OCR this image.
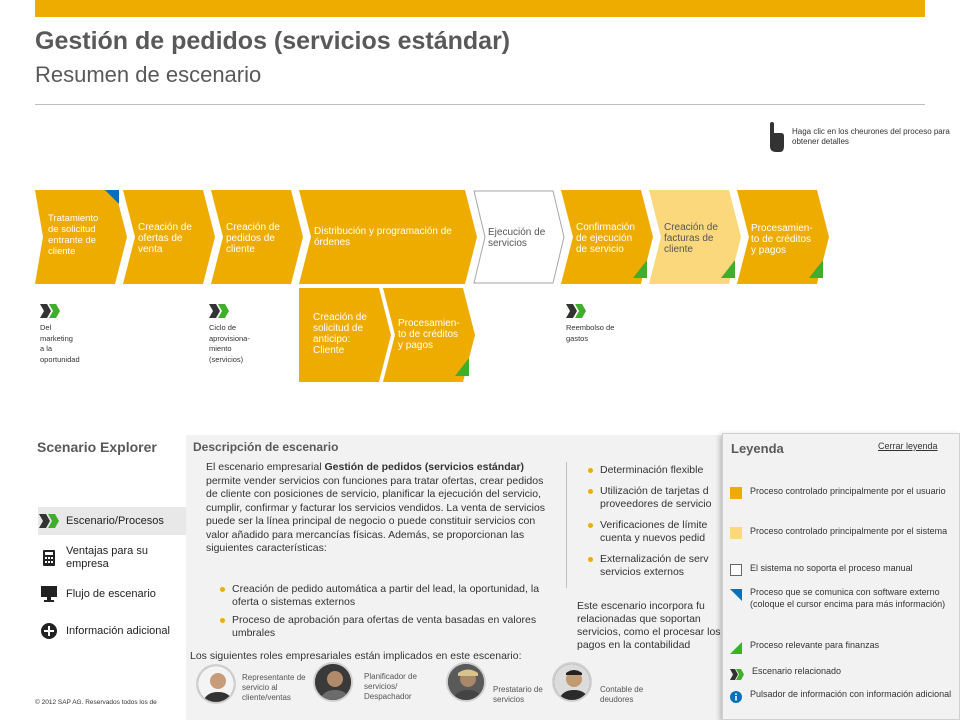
Gestión de pedidos (servicios estándar)
Resumen de escenario
Haga clic en los cheurones del proceso para obtener detalles
Tratamiento de solicitud entrante de cliente
Creación de ofertas de venta
Creación de pedidos de cliente
Distribución y programación de órdenes
Ejecución de servicios
Confirmación de ejecución de servicio
Creación de facturas de cliente
Procesamien- to de créditos y pagos
Creación de solicitud de anticipo: Cliente
Procesamien- to de créditos y pagos
Del marketing a la oportunidad
Ciclo de aprovisiona- miento (servicios)
Reembolso de gastos
Scenario Explorer
Escenario/Procesos
Ventajas para su empresa
Flujo de escenario
Información adicional
Descripción de escenario
El escenario empresarial Gestión de pedidos (servicios estándar) permite vender servicios con funciones para tratar ofertas, crear pedidos de cliente con posiciones de servicio, planificar la ejecución del servicio, cumplir, confirmar y facturar los servicios vendidos. La venta de servicios puede ser la línea principal de negocio o puede constituir servicios con valor añadido para mercancías físicas. Además, se proporcionan las siguientes características:
Creación de pedido automática a partir del lead, la oportunidad, la oferta o sistemas externos
Proceso de aprobación para ofertas de venta basadas en valores umbrales
Determinación flexible
Utilización de tarjetas d proveedores de servicio
Verificaciones de límite cuenta y nuevos pedid
Externalización de serv servicios externos
Este escenario incorpora fu relacionadas que soportan servicios, como el procesar los pagos en la contabilidad
Los siguientes roles empresariales están implicados en este escenario:
Representante de servicio al cliente/ventas
Planificador de servicios/ Despachador
Prestatario de servicios
Contable de deudores
Leyenda	Cerrar leyenda
Proceso controlado principalmente por el usuario
Proceso controlado principalmente por el sistema
El sistema no soporta el proceso manual
Proceso que se comunica con software externo (coloque el cursor encima para más información)
Proceso relevante para finanzas
Escenario relacionado
Pulsador de información con información adicional
© 2012 SAP AG. Reservados todos los de
